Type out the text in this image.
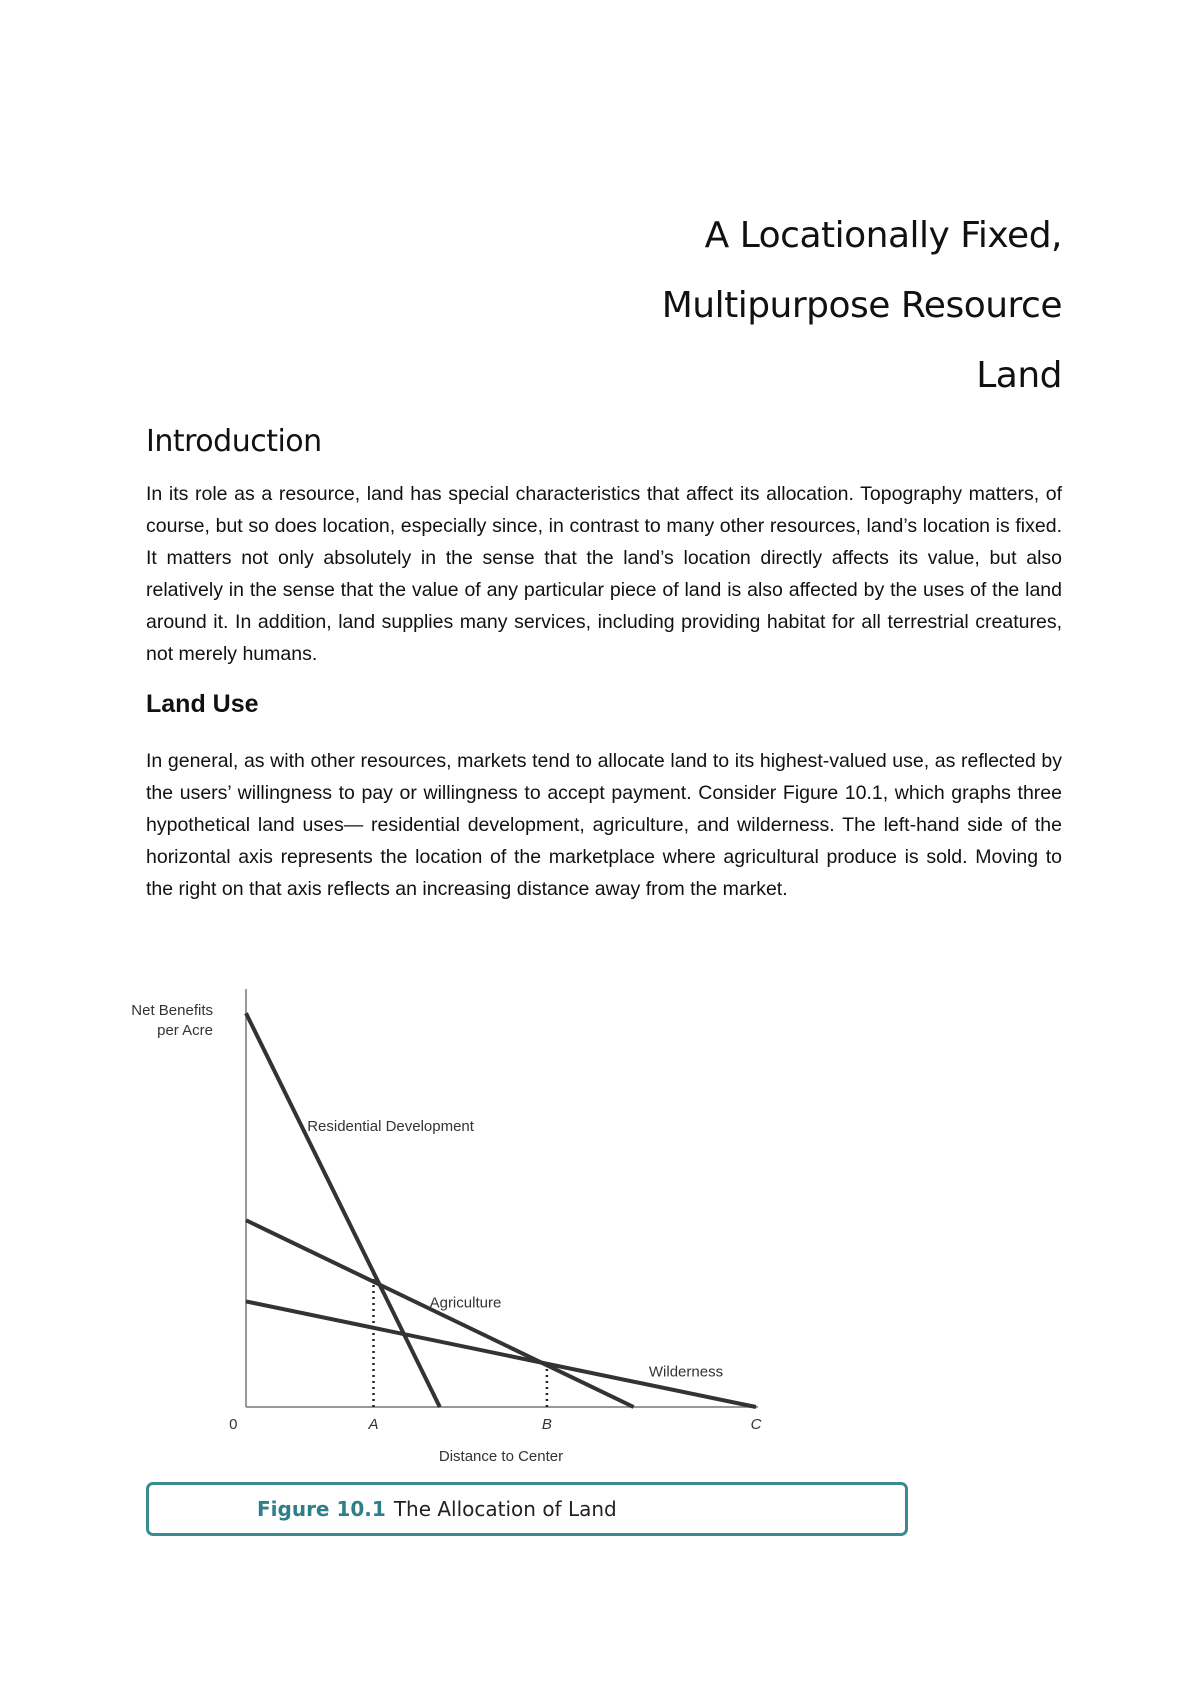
A Locationally Fixed,
Multipurpose Resource
Land
Introduction

In its role as a resource, land has special characteristics that affect its allocation. Topography matters, of course, but so does location, especially since, in contrast to many other resources, land’s location is fixed. It matters not only absolutely in the sense that the land’s location directly affects its value, but also relatively in the sense that the value of any particular piece of land is also affected by the uses of the land around it. In addition, land supplies many services, including providing habitat for all terrestrial creatures, not merely humans.

Land Use

In general, as with other resources, markets tend to allocate land to its highest-valued use, as reflected by the users’ willingness to pay or willingness to accept payment. Consider Figure 10.1, which graphs three hypothetical land uses— residential development, agriculture, and wilderness. The left-hand side of the horizontal axis represents the location of the marketplace where agricultural produce is sold. Moving to the right on that axis reflects an increasing distance away from the market.

Net Benefits
per Acre
Distance to Center
0	A	B	C
Residential Development
Agriculture
Wilderness
Figure 10.1 The Allocation of Land
